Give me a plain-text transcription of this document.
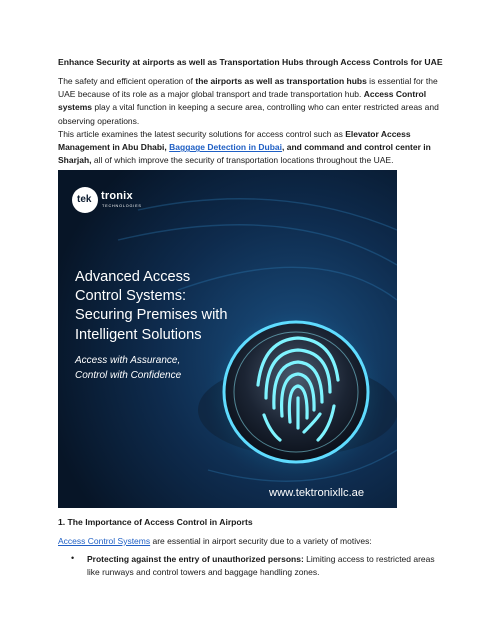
Enhance Security at airports as well as Transportation Hubs through Access Controls for UAE
The safety and efficient operation of the airports as well as transportation hubs is essential for the UAE because of its role as a major global transport and trade transportation hub. Access Control systems play a vital function in keeping a secure area, controlling who can enter restricted areas and observing operations.
This article examines the latest security solutions for access control such as Elevator Access Management in Abu Dhabi, Baggage Detection in Dubai, and command and control center in Sharjah, all of which improve the security of transportation locations throughout the UAE.
tek tronix
TECHNOLOGIES
Advanced Access
Control Systems:
Securing Premises with
Intelligent Solutions
Access with Assurance,
Control with Confidence
www.tektronixllc.ae
1. The Importance of Access Control in Airports
Access Control Systems are essential in airport security due to a variety of motives:
• Protecting against the entry of unauthorized persons: Limiting access to restricted areas like runways and control towers and baggage handling zones.
